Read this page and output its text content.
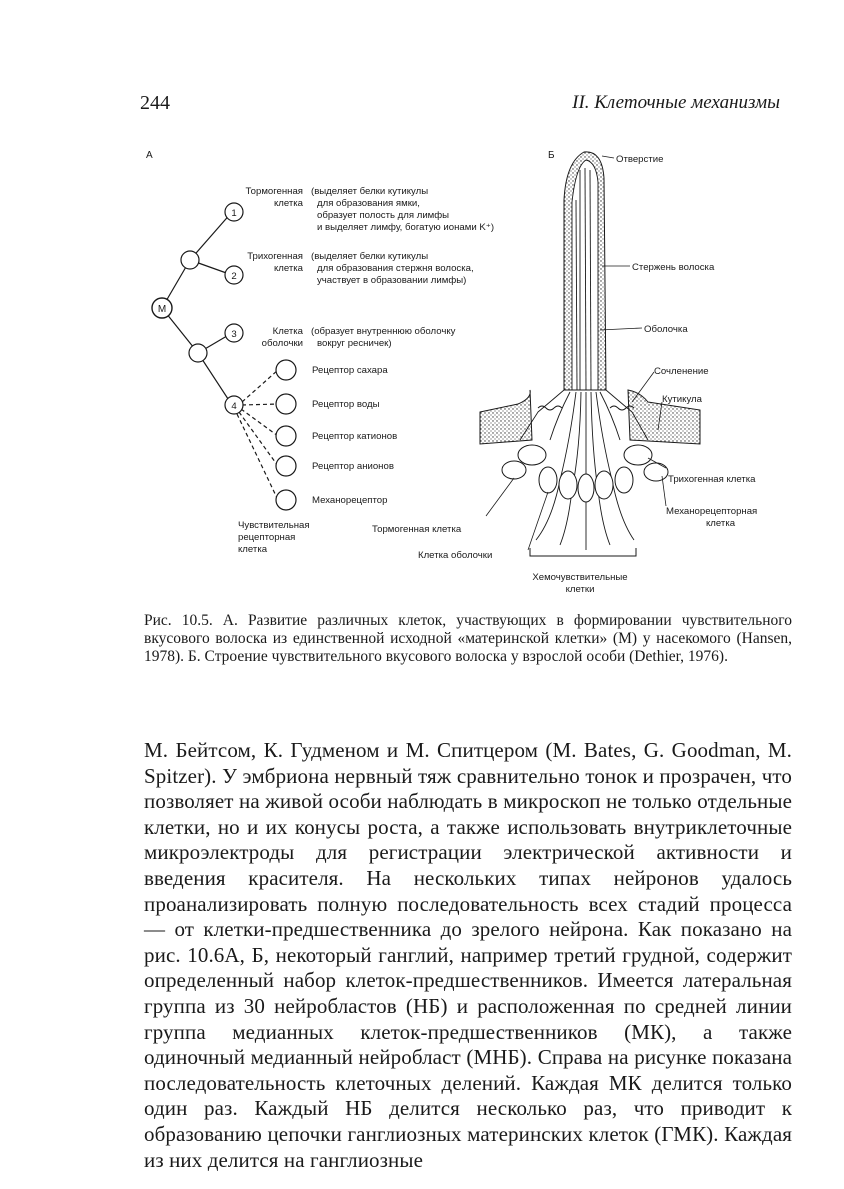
244	II. Клеточные механизмы
А
М
1
2
3
4
Тормогенная
клетка
Трихогенная
клетка
Клетка
оболочки
(выделяет белки кутикулы
для образования ямки,
образует полость для лимфы
и выделяет лимфу, богатую ионами K⁺)
(выделяет белки кутикулы
для образования стержня волоска,
участвует в образовании лимфы)
(образует внутреннюю оболочку
вокруг ресничек)
Рецептор сахара
Рецептор воды
Рецептор катионов
Рецептор анионов
Механорецептор
Чувствительная
рецепторная
клетка
Б	Отверстие
Стержень волоска
Оболочка
Сочленение
Кутикула
Трихогенная клетка
Механорецепторная
клетка
Тормогенная клетка
Клетка оболочки
Хемочувствительные
клетки
Рис. 10.5. А. Развитие различных клеток, участвующих в формировании чувствительного вкусового волоска из единственной исходной «материнской клетки» (М) у насекомого (Hansen, 1978). Б. Строение чувствительного вкусового волоска у взрослой особи (Dethier, 1976).

М. Бейтсом, К. Гудменом и М. Спитцером (M. Bates, G. Goodman, M. Spitzer). У эмбриона нервный тяж сравнительно тонок и прозрачен, что позволяет на живой особи наблюдать в микроскоп не только отдельные клетки, но и их конусы роста, а также использовать внутриклеточные микроэлектроды для регистрации электрической активности и введения красителя. На нескольких типах нейронов удалось проанализировать полную последовательность всех стадий процесса — от клетки-предшественника до зрелого нейрона. Как показано на рис. 10.6А, Б, некоторый ганглий, например третий грудной, содержит определенный набор клеток-предшественников. Имеется латеральная группа из 30 нейробластов (НБ) и расположенная по средней линии группа медианных клеток-предшественников (МК), а также одиночный медианный нейробласт (МНБ). Справа на рисунке показана последовательность клеточных делений. Каждая МК делится только один раз. Каждый НБ делится несколько раз, что приводит к образованию цепочки ганглиозных материнских клеток (ГМК). Каждая из них делится на ганглиозные
